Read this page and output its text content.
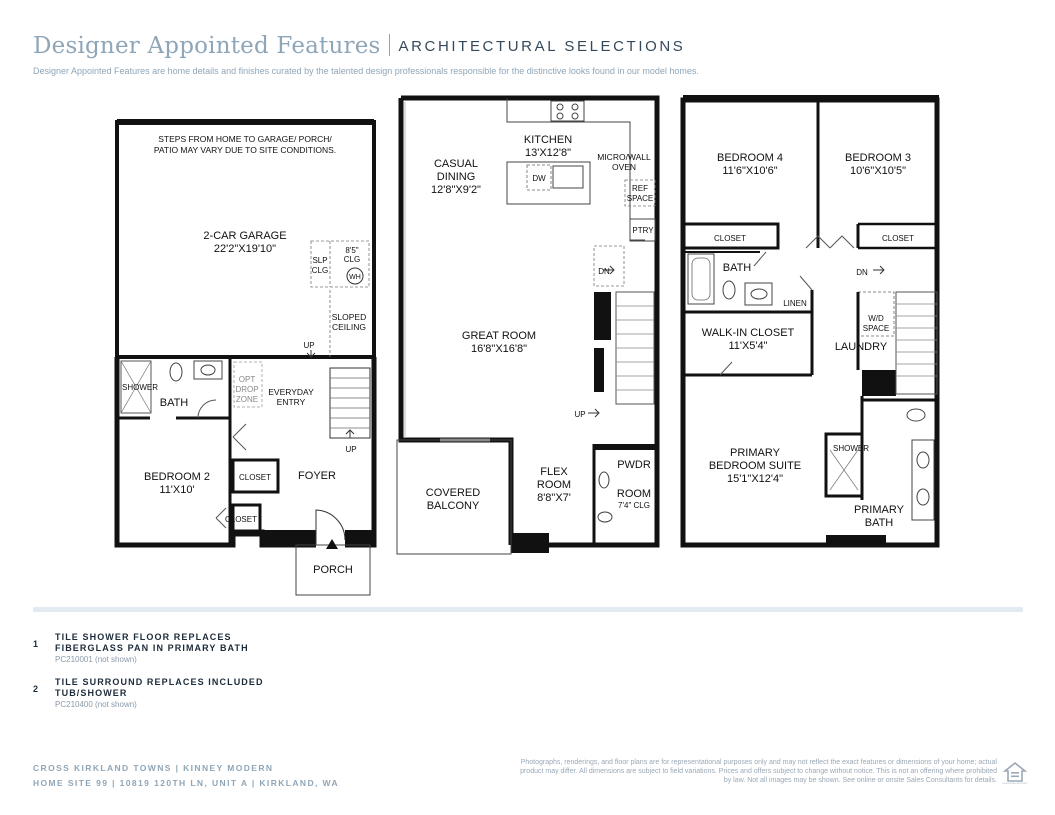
Designer Appointed Features ARCHITECTURAL SELECTIONS
Designer Appointed Features are home details and finishes curated by the talented design professionals responsible for the distinctive looks found in our model homes.
STEPS FROM HOME TO GARAGE/ PORCH/
PATIO MAY VARY DUE TO SITE CONDITIONS.
2-CAR GARAGE
22'2"X19'10"	8'5"
CLG
SLP
CLG
WH
SLOPED
CEILING
UP
SHOWER
BATH
OPT
DROP
ZONE
EVERYDAY
ENTRY
UP
BEDROOM 2
11'X10'
CLOSET
CLOSET
FOYER
PORCH
KITCHEN
13'X12'8"
CASUAL
DINING
12'8"X9'2"
DW
MICRO/WALL
OVEN
REF
SPACE
PTRY
DN
GREAT ROOM
16'8"X16'8"
UP
COVERED
BALCONY
FLEX
ROOM
8'8"X7'
PWDR
ROOM
7'4" CLG
BEDROOM 4
11'6"X10'6"
BEDROOM 3
10'6"X10'5"
CLOSET	CLOSET
BATH
LINEN
DN
WALK-IN CLOSET
11'X5'4"
W/D
SPACE
LAUNDRY
PRIMARY
BEDROOM SUITE
15'1"X12'4"
SHOWER
PRIMARY
BATH
1
TILE SHOWER FLOOR REPLACES
FIBERGLASS PAN IN PRIMARY BATH
PC210001 (not shown)
2
TILE SURROUND REPLACES INCLUDED
TUB/SHOWER
PC210400 (not shown)
CROSS KIRKLAND TOWNS | KINNEY MODERN
HOME SITE 99 | 10819 120TH LN, UNIT A | KIRKLAND, WA
Photographs, renderings, and floor plans are for representational purposes only and may not reflect the exact features or dimensions of your home; actual product may differ. All dimensions are subject to field variations. Prices and offers subject to change without notice. This is not an offering where prohibited by law. Not all images may be shown. See online or onsite Sales Consultants for details.
EQUAL HOUSING OPPORTUNITY
